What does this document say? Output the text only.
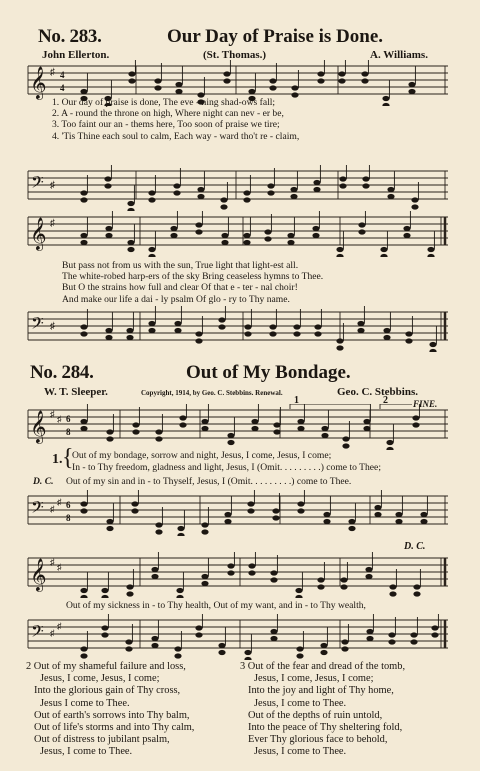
No. 283.	Our Day of Praise is Done.
John Ellerton.	(St. Thomas.)	A. Williams.
𝄞 ♯ 4
4
1. Our day of praise is done, The eve - ning shad-ows fall;
2. A - round the throne on high, Where night can nev - er be,
3. Too faint our an - thems here, Too soon of praise we tire;
4. 'Tis Thine each soul to calm, Each way - ward tho't re - claim,
𝄢 ♯
𝄞 ♯
But pass not from us with the sun, True light that light-est all.
The white-robed harp-ers of the sky Bring ceaseless hymns to Thee.
But O the strains how full and clear Of that e - ter - nal choir!
And make our life a dai - ly psalm Of glo - ry to Thy name.
𝄢 ♯
No. 284.	Out of My Bondage.
W. T. Sleeper.	Copyright, 1914, by Geo. C. Stebbins. Renewal.	Geo. C. Stebbins.
1	2	FINE.
𝄞 ♯ ♯ 6
8
1. {
Out of my bondage, sorrow and night, Jesus, I come, Jesus, I come;
In - to Thy freedom, gladness and light, Jesus, I (Omit. . . . . . . . .) come to Thee;
D. C. Out of my sin and in - to Thyself, Jesus, I (Omit. . . . . . . . .) come to Thee.
𝄢 ♯
♯ 6
8
D. C.
𝄞 ♯ ♯
Out of my sickness in - to Thy health, Out of my want, and in - to Thy wealth,
𝄢 ♯
♯
2 Out of my shameful failure and loss,
Jesus, I come, Jesus, I come;
Into the glorious gain of Thy cross,
Jesus I come to Thee.
Out of earth's sorrows into Thy balm,
Out of life's storms and into Thy calm,
Out of distress to jubilant psalm,
Jesus, I come to Thee.
3 Out of the fear and dread of the tomb,
Jesus, I come, Jesus, I come;
Into the joy and light of Thy home,
Jesus, I come to Thee.
Out of the depths of ruin untold,
Into the peace of Thy sheltering fold,
Ever Thy glorious face to behold,
Jesus, I come to Thee.
